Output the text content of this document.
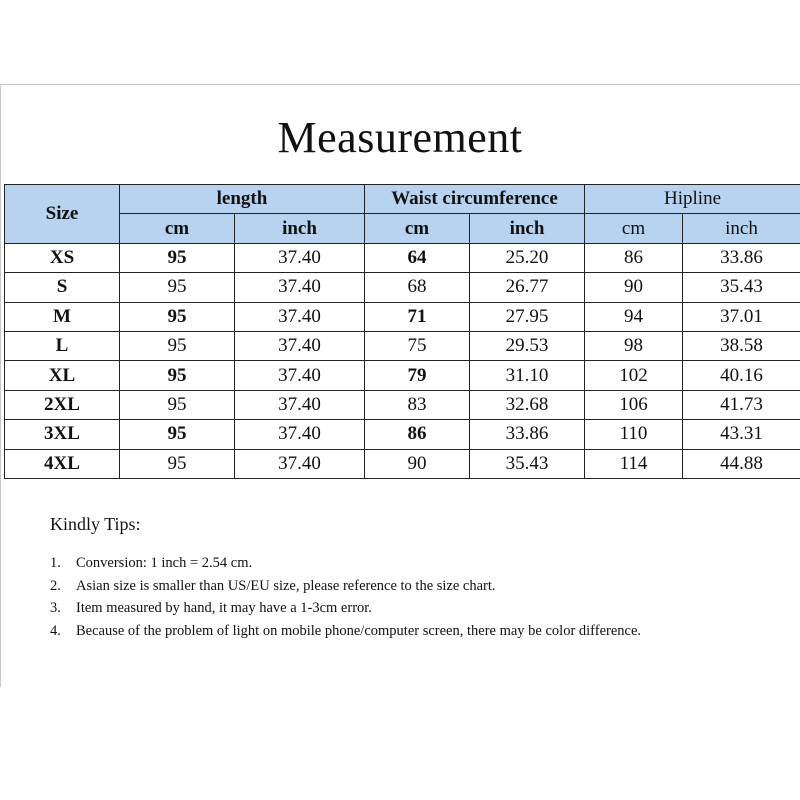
Measurement
Size	length		Waist circumference		Hipline	
	cm	inch	cm	inch	cm	inch
XS	95	37.40	64	25.20	86	33.86
S	95	37.40	68	26.77	90	35.43
M	95	37.40	71	27.95	94	37.01
L	95	37.40	75	29.53	98	38.58
XL	95	37.40	79	31.10	102	40.16
2XL	95	37.40	83	32.68	106	41.73
3XL	95	37.40	86	33.86	110	43.31
4XL	95	37.40	90	35.43	114	44.88
Kindly Tips:
1. Conversion: 1 inch = 2.54 cm.
2. Asian size is smaller than US/EU size, please reference to the size chart.
3. Item measured by hand, it may have a 1-3cm error.
4. Because of the problem of light on mobile phone/computer screen, there may be color difference.
